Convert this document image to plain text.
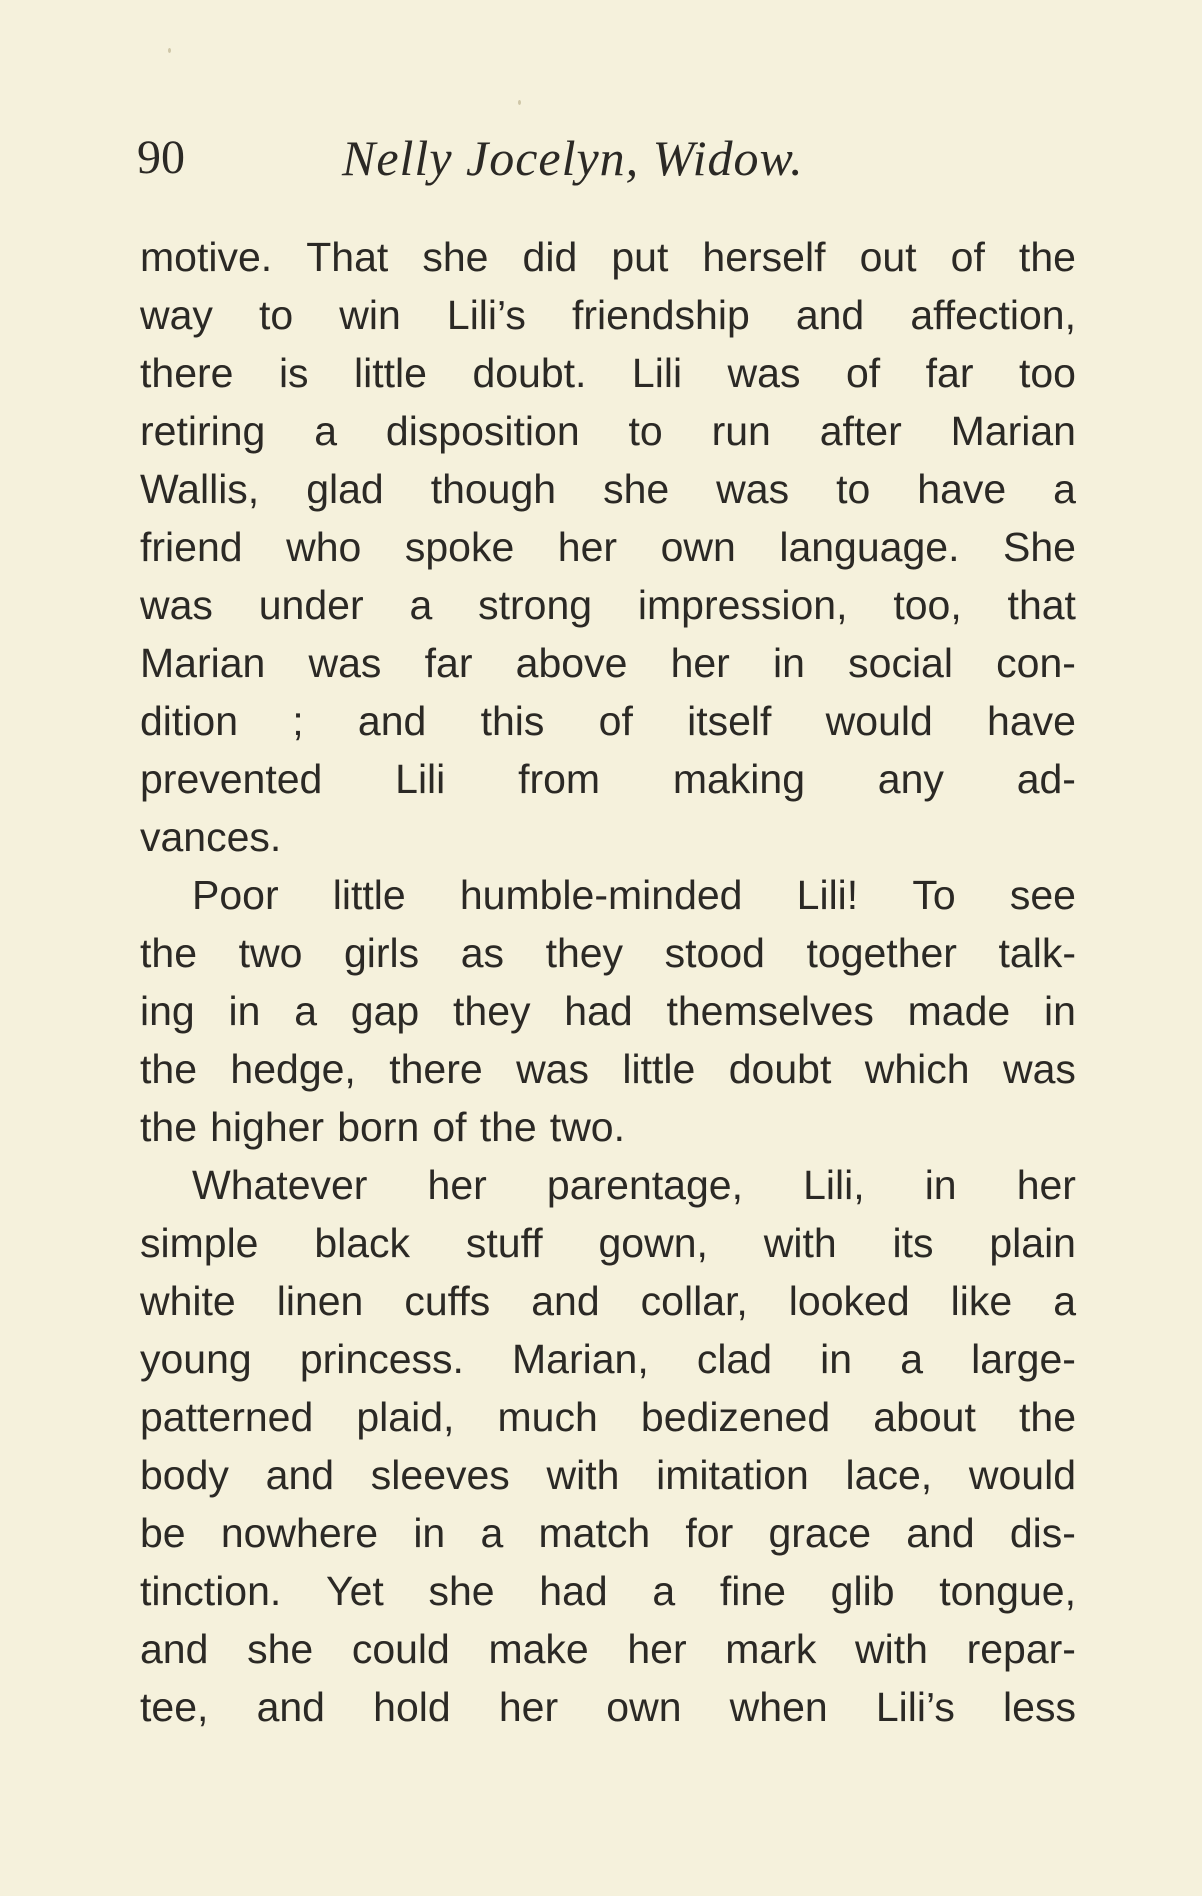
90	Nelly Jocelyn, Widow.
motive. That she did put herself out of the
way to win Lili’s friendship and affection,
there is little doubt. Lili was of far too
retiring a disposition to run after Marian
Wallis, glad though she was to have a
friend who spoke her own language. She
was under a strong impression, too, that
Marian was far above her in social con-
dition ; and this of itself would have
prevented Lili from making any ad-
vances.
Poor little humble-minded Lili! To see
the two girls as they stood together talk-
ing in a gap they had themselves made in
the hedge, there was little doubt which was
the higher born of the two.
Whatever her parentage, Lili, in her
simple black stuff gown, with its plain
white linen cuffs and collar, looked like a
young princess. Marian, clad in a large-
patterned plaid, much bedizened about the
body and sleeves with imitation lace, would
be nowhere in a match for grace and dis-
tinction. Yet she had a fine glib tongue,
and she could make her mark with repar-
tee, and hold her own when Lili’s less
